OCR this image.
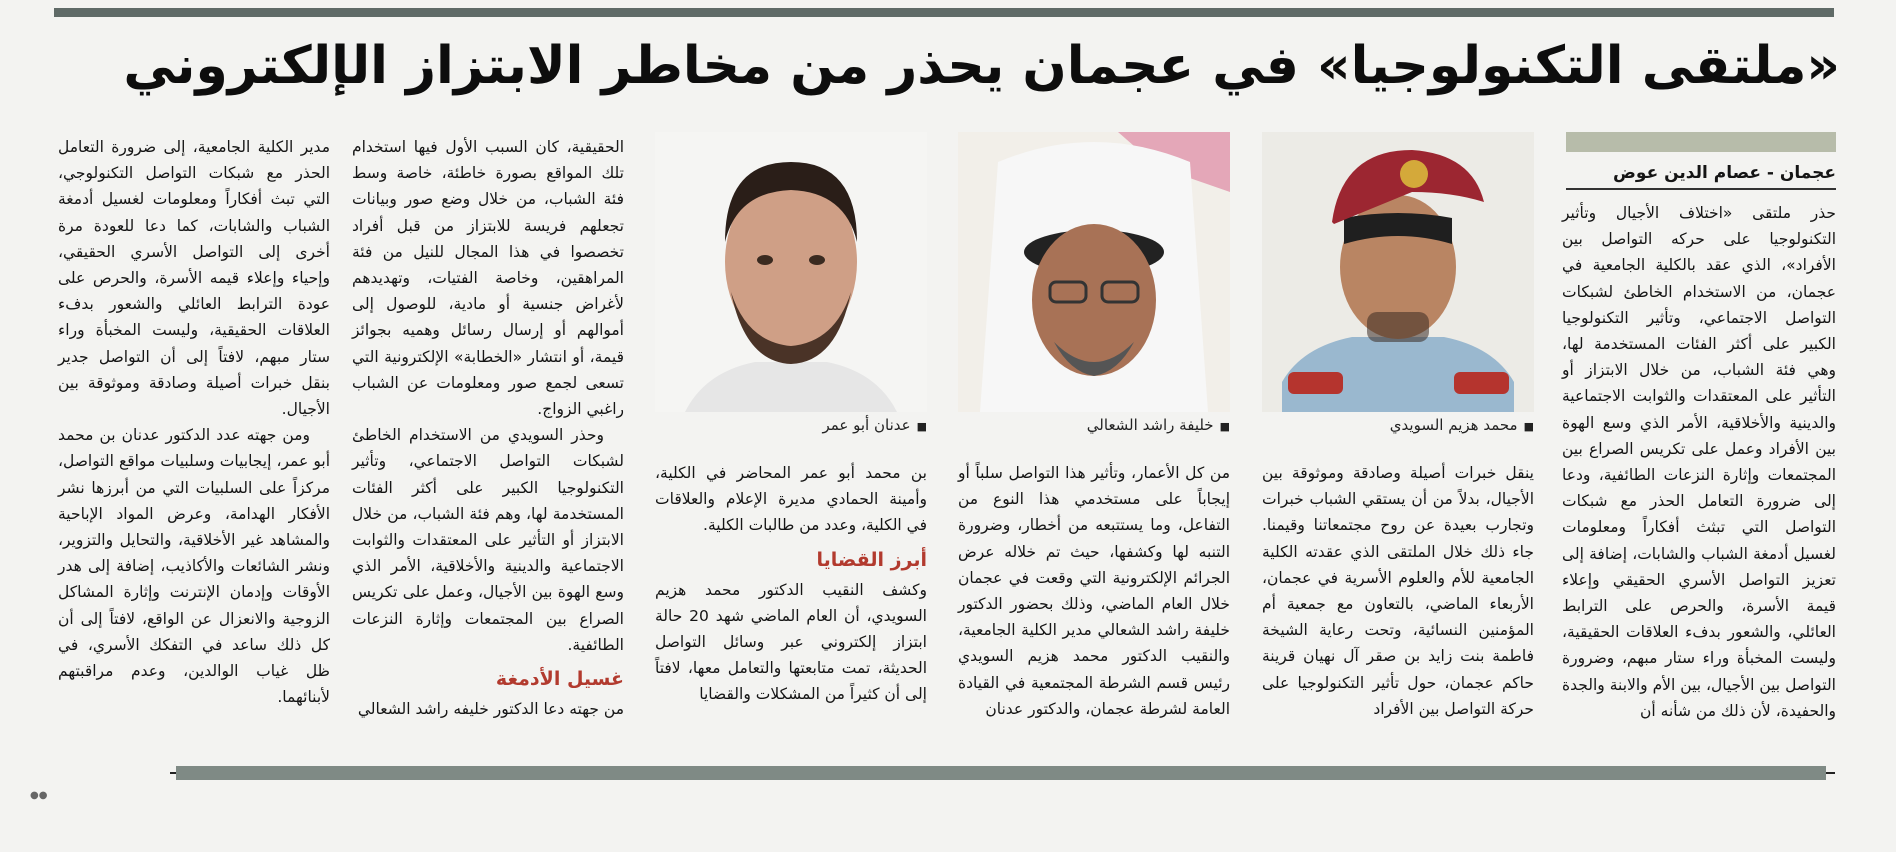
«ملتقى التكنولوجيا» في عجمان يحذر من مخاطر الابتزاز الإلكتروني
عجمان - عصام الدين عوض

حذر ملتقى «اختلاف الأجيال وتأثير التكنولوجيا على حركه التواصل بين الأفراد»، الذي عقد بالكلية الجامعية في عجمان، من الاستخدام الخاطئ لشبكات التواصل الاجتماعي، وتأثير التكنولوجيا الكبير على أكثر الفئات المستخدمة لها، وهي فئة الشباب، من خلال الابتزاز أو التأثير على المعتقدات والثوابت الاجتماعية والدينية والأخلاقية، الأمر الذي وسع الهوة بين الأفراد وعمل على تكريس الصراع بين المجتمعات وإثارة النزعات الطائفية، ودعا إلى ضرورة التعامل الحذر مع شبكات التواصل التي تبثث أفكاراً ومعلومات لغسيل أدمغة الشباب والشابات، إضافة إلى تعزيز التواصل الأسري الحقيقي وإعلاء قيمة الأسرة، والحرص على الترابط العائلي، والشعور بدفء العلاقات الحقيقية، وليست المخبأة وراء ستار مبهم، وضرورة التواصل بين الأجيال، بين الأم والابنة والجدة والحفيدة، لأن ذلك من شأنه أن

■محمد هزيم السويدي
■خليفة راشد الشعالي
■عدنان أبو عمر

ينقل خبرات أصيلة وصادقة وموثوقة بين الأجيال، بدلاً من أن يستقي الشباب خبرات وتجارب بعيدة عن روح مجتمعاتنا وقيمنا. جاء ذلك خلال الملتقى الذي عقدته الكلية الجامعية للأم والعلوم الأسرية في عجمان، الأربعاء الماضي، بالتعاون مع جمعية أم المؤمنين النسائية، وتحت رعاية الشيخة فاطمة بنت زايد بن صقر آل نهيان قرينة حاكم عجمان، حول تأثير التكنولوجيا على حركة التواصل بين الأفراد

من كل الأعمار، وتأثير هذا التواصل سلباً أو إيجاباً على مستخدمي هذا النوع من التفاعل، وما يستتبعه من أخطار، وضرورة التنبه لها وكشفها، حيث تم خلاله عرض الجرائم الإلكترونية التي وقعت في عجمان خلال العام الماضي، وذلك بحضور الدكتور خليفة راشد الشعالي مدير الكلية الجامعية، والنقيب الدكتور محمد هزيم السويدي رئيس قسم الشرطة المجتمعية في القيادة العامة لشرطة عجمان، والدكتور عدنان

بن محمد أبو عمر المحاضر في الكلية، وأمينة الحمادي مديرة الإعلام والعلاقات في الكلية، وعدد من طالبات الكلية.

أبرز القضايا

وكشف النقيب الدكتور محمد هزيم السويدي، أن العام الماضي شهد 20 حالة ابتزاز إلكتروني عبر وسائل التواصل الحديثة، تمت متابعتها والتعامل معها، لافتاً إلى أن كثيراً من المشكلات والقضايا

الحقيقية، كان السبب الأول فيها استخدام تلك المواقع بصورة خاطئة، خاصة وسط فئة الشباب، من خلال وضع صور وبيانات تجعلهم فريسة للابتزاز من قبل أفراد تخصصوا في هذا المجال للنيل من فئة المراهقين، وخاصة الفتيات، وتهديدهم لأغراض جنسية أو مادية، للوصول إلى أموالهم أو إرسال رسائل وهميه بجوائز قيمة، أو انتشار «الخطابة» الإلكترونية التي تسعى لجمع صور ومعلومات عن الشباب راغبي الزواج.

وحذر السويدي من الاستخدام الخاطئ لشبكات التواصل الاجتماعي، وتأثير التكنولوجيا الكبير على أكثر الفئات المستخدمة لها، وهم فئة الشباب، من خلال الابتزاز أو التأثير على المعتقدات والثوابت الاجتماعية والدينية والأخلاقية، الأمر الذي وسع الهوة بين الأجيال، وعمل على تكريس الصراع بين المجتمعات وإثارة النزعات الطائفية.

غسيل الأدمغة

من جهته دعا الدكتور خليفه راشد الشعالي

مدير الكلية الجامعية، إلى ضرورة التعامل الحذر مع شبكات التواصل التكنولوجي، التي تبث أفكاراً ومعلومات لغسيل أدمغة الشباب والشابات، كما دعا للعودة مرة أخرى إلى التواصل الأسري الحقيقي، وإحياء وإعلاء قيمه الأسرة، والحرص على عودة الترابط العائلي والشعور بدفء العلاقات الحقيقية، وليست المخبأة وراء ستار مبهم، لافتاً إلى أن التواصل جدير بنقل خبرات أصيلة وصادقة وموثوقة بين الأجيال.

ومن جهته عدد الدكتور عدنان بن محمد أبو عمر، إيجابيات وسلبيات مواقع التواصل، مركزاً على السلبيات التي من أبرزها نشر الأفكار الهدامة، وعرض المواد الإباحية والمشاهد غير الأخلاقية، والتحايل والتزوير، ونشر الشائعات والأكاذيب، إضافة إلى هدر الأوقات وإدمان الإنترنت وإثارة المشاكل الزوجية والانعزال عن الواقع، لافتاً إلى أن كل ذلك ساعد في التفكك الأسري، في ظل غياب الوالدين، وعدم مراقبتهم لأبنائهما.

●●
